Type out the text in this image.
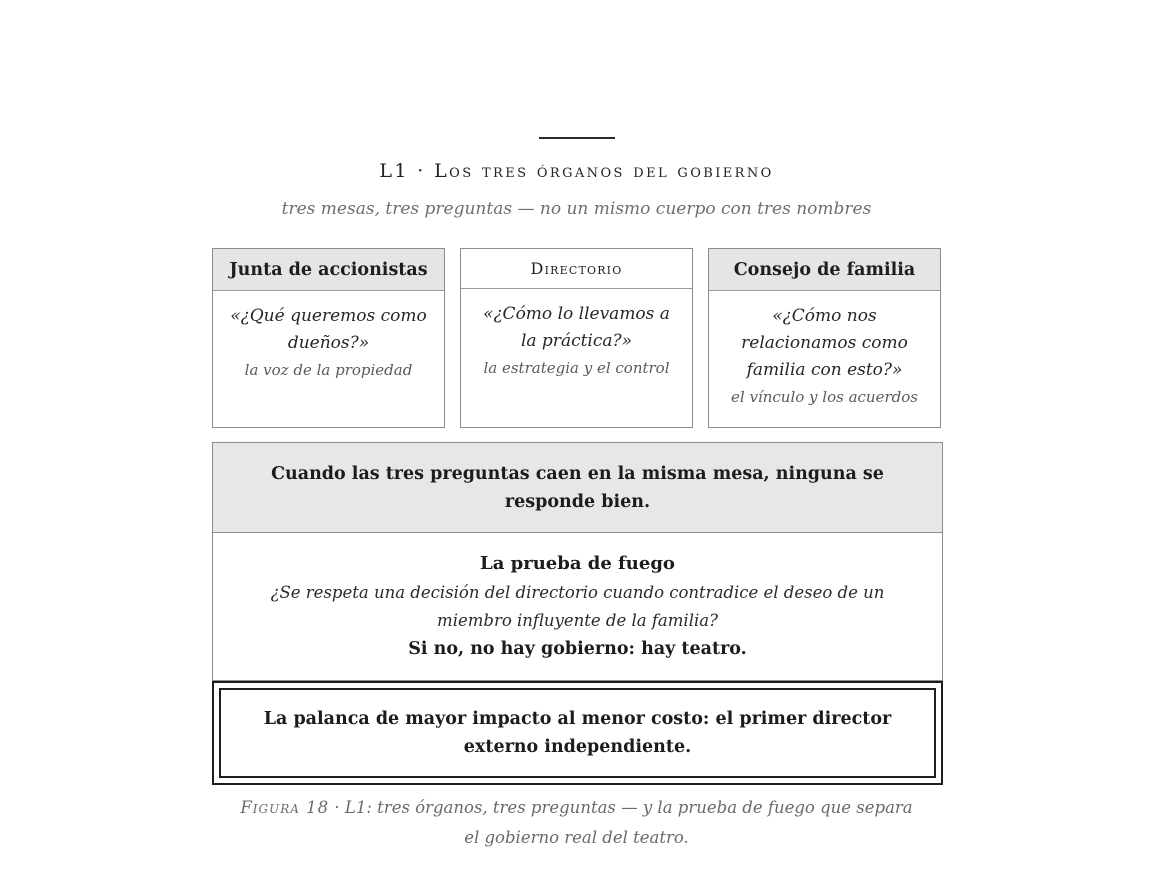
L1 · Los tres órganos del gobierno
tres mesas, tres preguntas — no un mismo cuerpo con tres nombres
Junta de accionistas
«¿Qué queremos como dueños?»
la voz de la propiedad
Directorio
«¿Cómo lo llevamos a la práctica?»
la estrategia y el control
Consejo de familia
«¿Cómo nos relacionamos como familia con esto?»
el vínculo y los acuerdos
Cuando las tres preguntas caen en la misma mesa, ninguna se responde bien.
La prueba de fuego
¿Se respeta una decisión del directorio cuando contradice el deseo de un miembro influyente de la familia?
Si no, no hay gobierno: hay teatro.
La palanca de mayor impacto al menor costo: el primer director externo independiente.
Figura 18 · L1: tres órganos, tres preguntas — y la prueba de fuego que separa el gobierno real del teatro.
